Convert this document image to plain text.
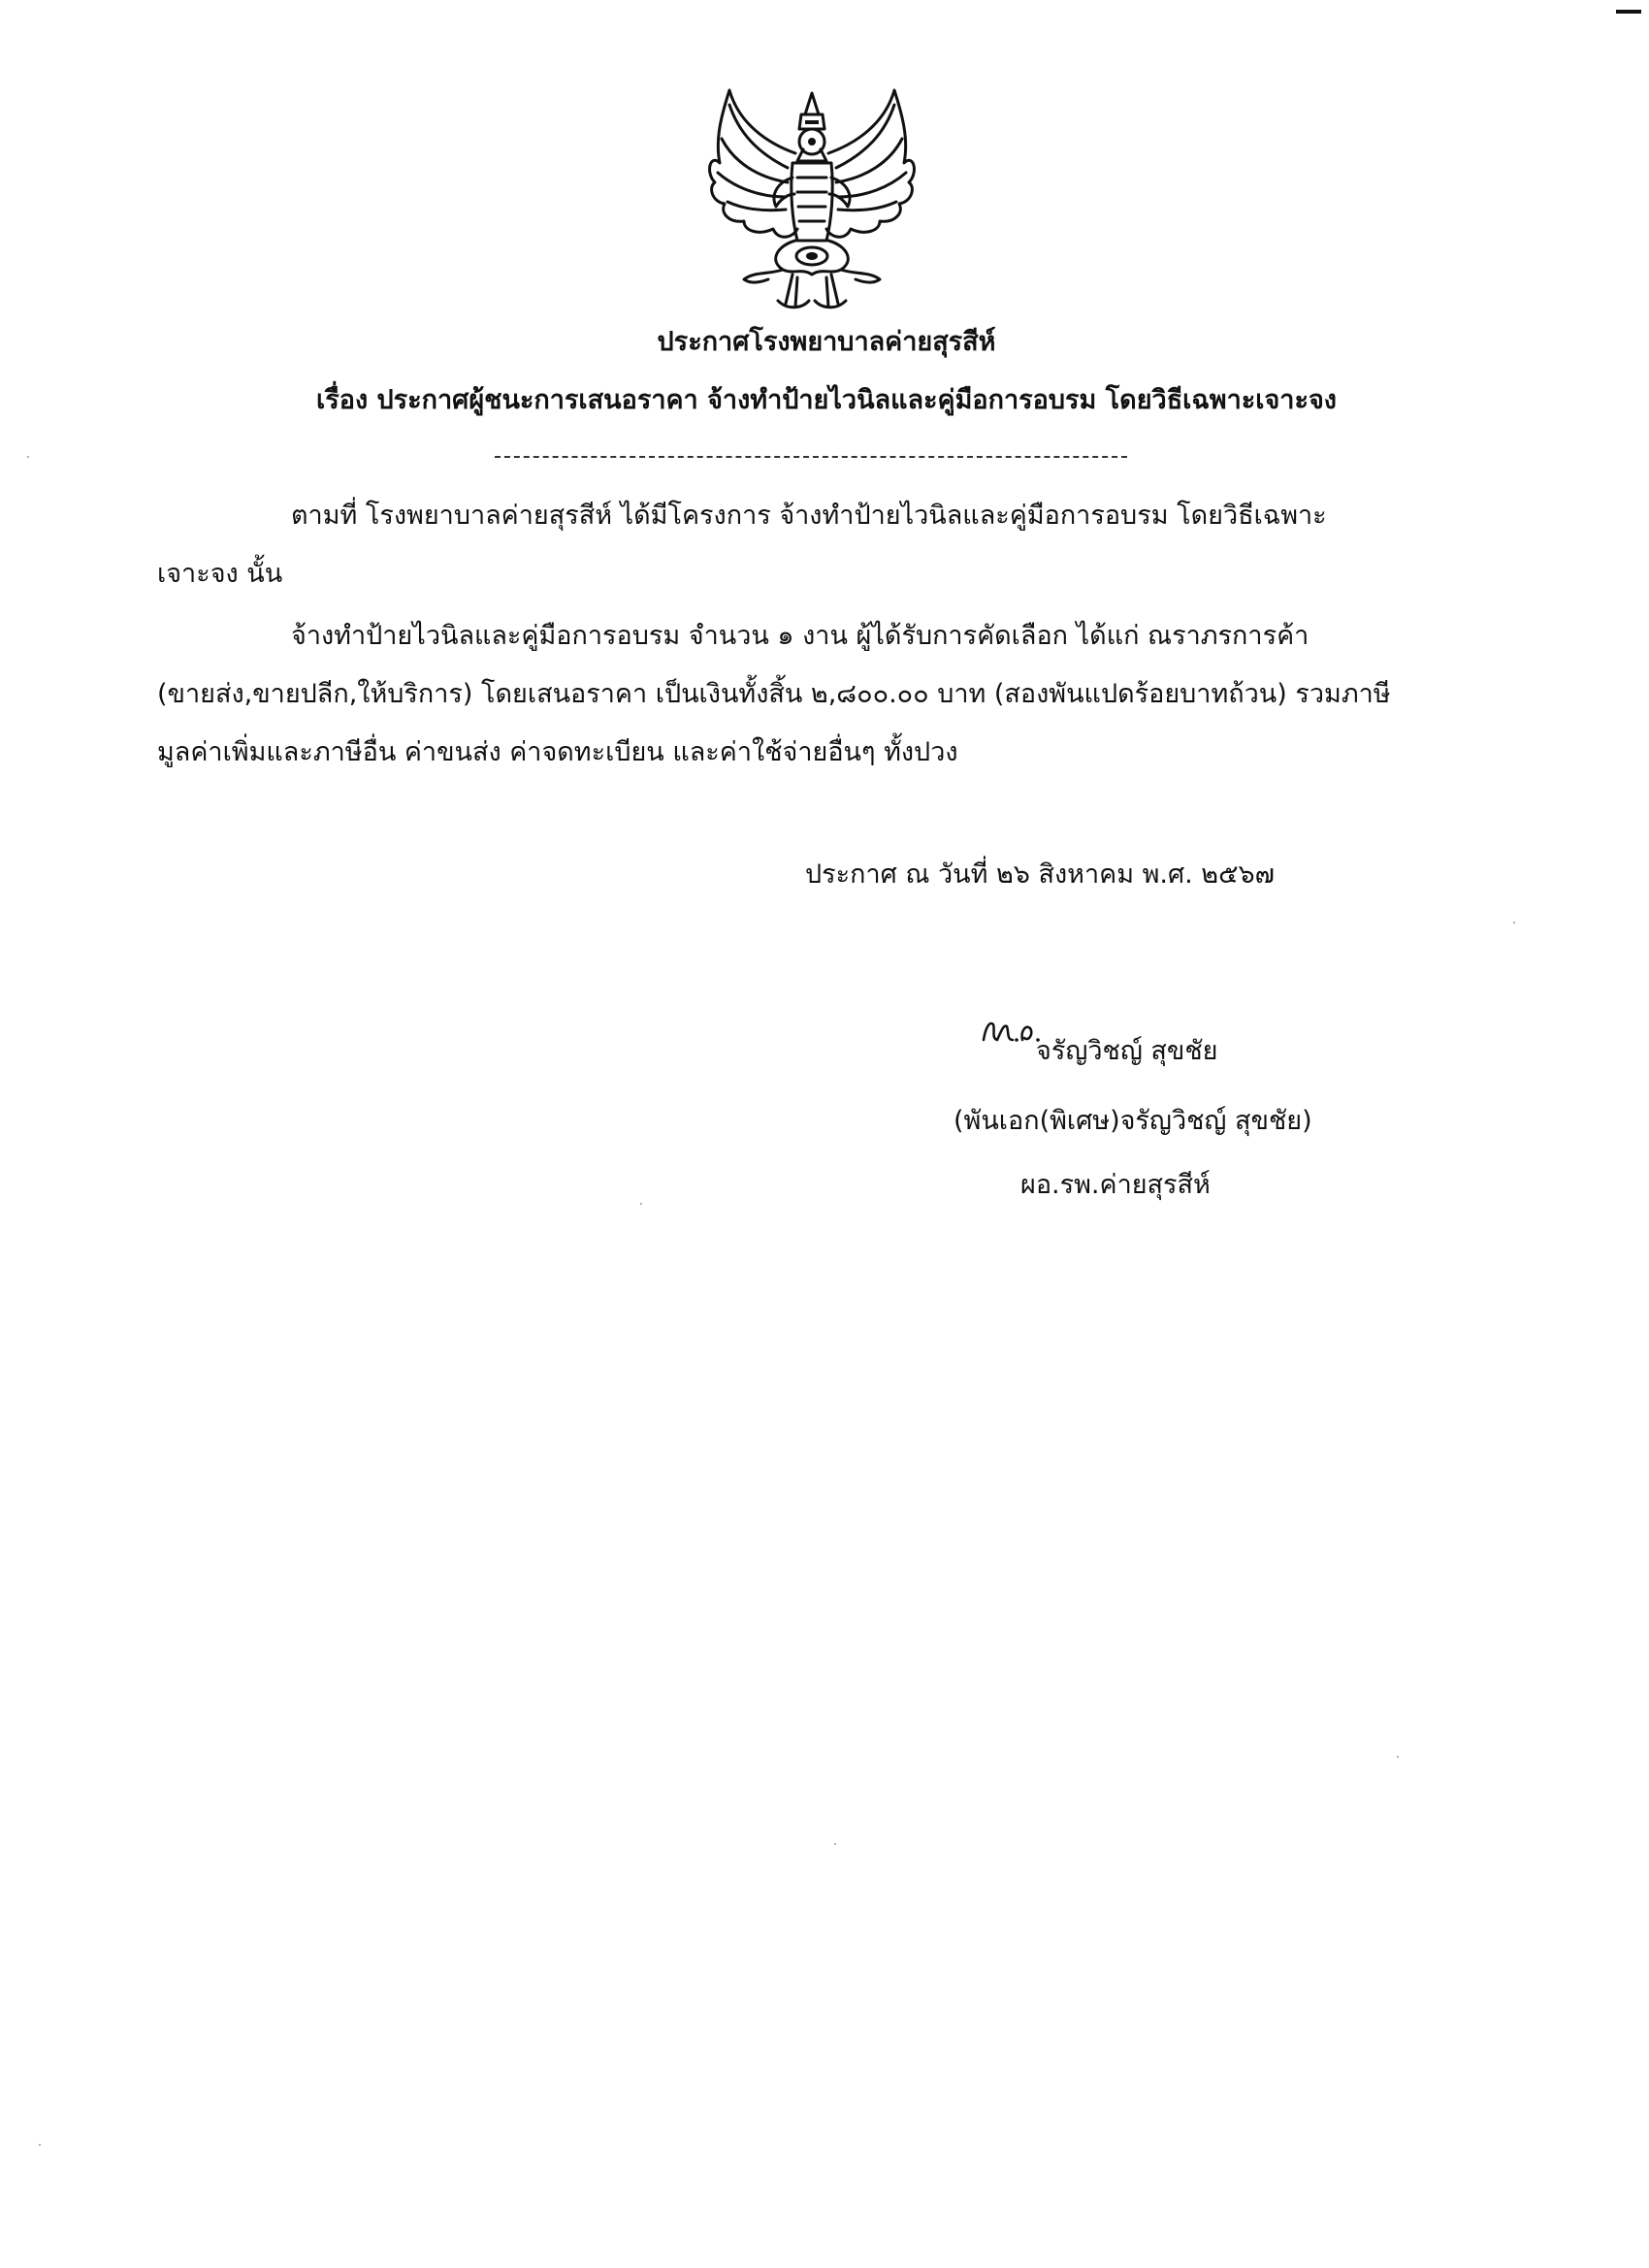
ประกาศโรงพยาบาลค่ายสุรสีห์
เรื่อง ประกาศผู้ชนะการเสนอราคา จ้างทำป้ายไวนิลและคู่มือการอบรม โดยวิธีเฉพาะเจาะจง
ตามที่ โรงพยาบาลค่ายสุรสีห์ ได้มีโครงการ จ้างทำป้ายไวนิลและคู่มือการอบรม โดยวิธีเฉพาะ
เจาะจง นั้น
จ้างทำป้ายไวนิลและคู่มือการอบรม จำนวน ๑ งาน ผู้ได้รับการคัดเลือก ได้แก่ ณราภรการค้า
(ขายส่ง,ขายปลีก,ให้บริการ) โดยเสนอราคา เป็นเงินทั้งสิ้น ๒,๘๐๐.๐๐ บาท (สองพันแปดร้อยบาทถ้วน) รวมภาษี
มูลค่าเพิ่มและภาษีอื่น ค่าขนส่ง ค่าจดทะเบียน และค่าใช้จ่ายอื่นๆ ทั้งปวง
ประกาศ ณ วันที่ ๒๖ สิงหาคม พ.ศ. ๒๕๖๗
จรัญวิชญ์ สุขชัย
(พันเอก(พิเศษ)จรัญวิชญ์ สุขชัย)
ผอ.รพ.ค่ายสุรสีห์
